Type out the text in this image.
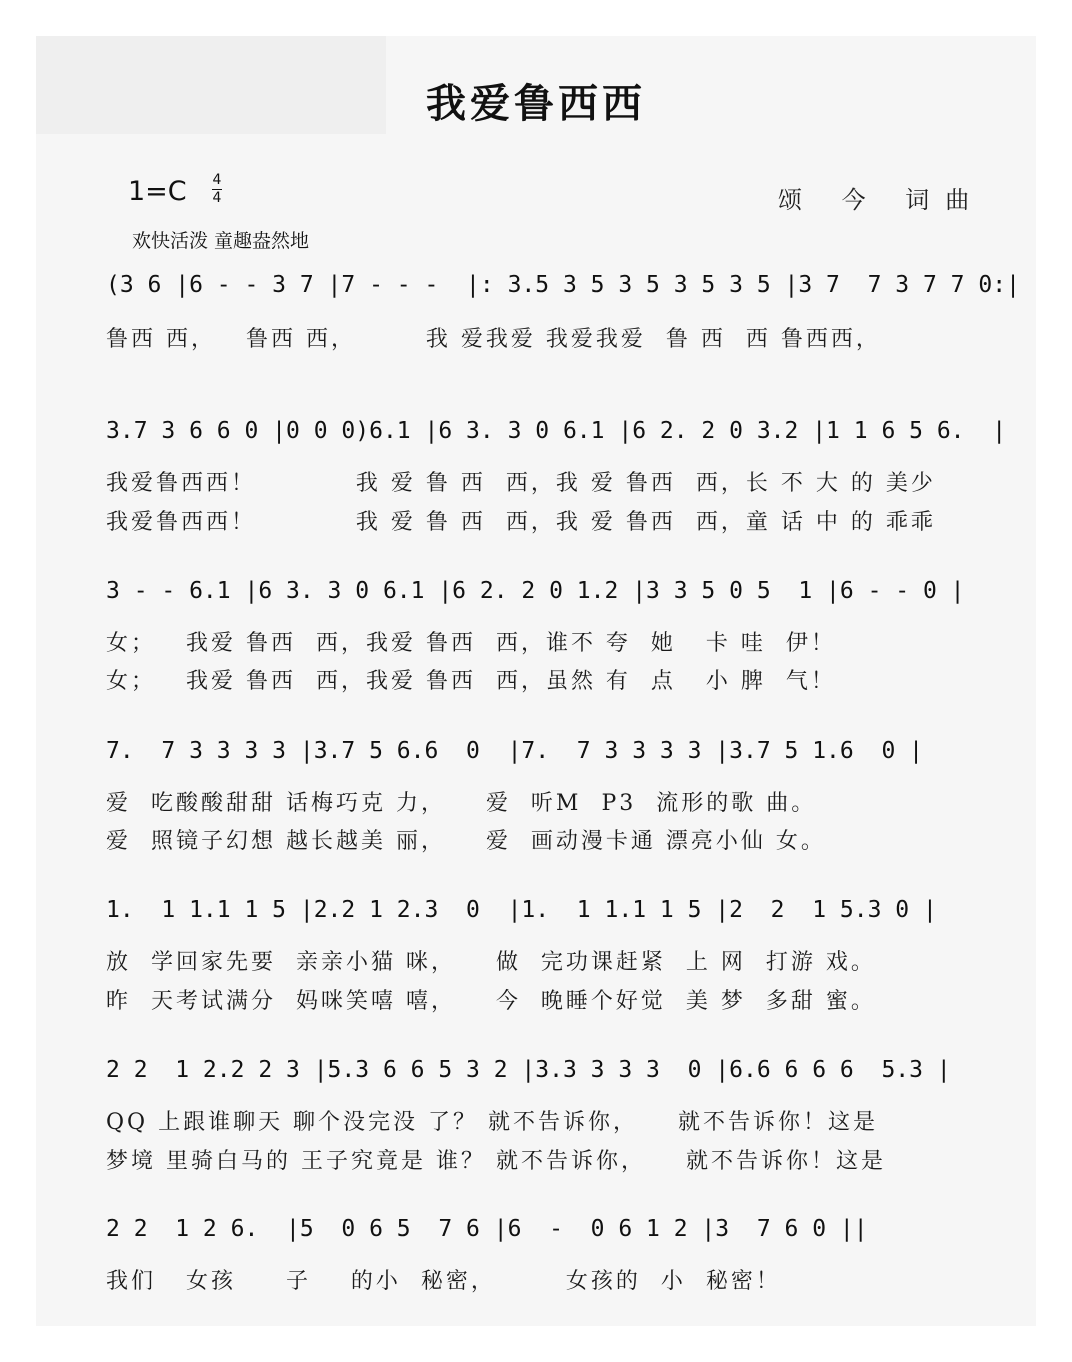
我爱鲁西西
1=C 4
4	颂 今 词曲
欢快活泼 童趣盎然地
(3 6 |6 - - 3 7 |7 - - -  |: 3.5 3 5 3 5 3 5 3 5 |3 7  7 3 7 7 0:|
鲁西 西，   鲁西 西，       我 爱我爱 我爱我爱  鲁 西  西 鲁西西，
3.7 3 6 6 0 |0 0 0)6.1 |6 3. 3 0 6.1 |6 2. 2 0 3.2 |1 1 6 5 6.  |
我爱鲁西西！          我 爱 鲁 西  西，我 爱 鲁西  西，长 不 大 的 美少
我爱鲁西西！          我 爱 鲁 西  西，我 爱 鲁西  西，童 话 中 的 乖乖
3 - - 6.1 |6 3. 3 0 6.1 |6 2. 2 0 1.2 |3 3 5 0 5  1 |6 - - 0 |
女；   我爱 鲁西  西，我爱 鲁西  西，谁不 夸  她   卡 哇  伊！
女；   我爱 鲁西  西，我爱 鲁西  西，虽然 有  点   小 脾  气！
7.  7 3 3 3 3 |3.7 5 6.6  0  |7.  7 3 3 3 3 |3.7 5 1.6  0 |
爱  吃酸酸甜甜 话梅巧克 力，    爱  听M  P3  流形的歌 曲。
爱  照镜子幻想 越长越美 丽，    爱  画动漫卡通 漂亮小仙 女。
1.  1 1.1 1 5 |2.2 1 2.3  0  |1.  1 1.1 1 5 |2  2  1 5.3 0 |
放  学回家先要  亲亲小猫 咪，    做  完功课赶紧  上 网  打游 戏。
昨  天考试满分  妈咪笑嘻 嘻，    今  晚睡个好觉  美 梦  多甜 蜜。
2 2  1 2.2 2 3 |5.3 6 6 5 3 2 |3.3 3 3 3  0 |6.6 6 6 6  5.3 |
QQ 上跟谁聊天 聊个没完没 了？ 就不告诉你，    就不告诉你！这是
梦境 里骑白马的 王子究竟是 谁？ 就不告诉你，    就不告诉你！这是
2 2  1 2 6.  |5  0 6 5  7 6 |6  -  0 6 1 2 |3  7 6 0 ||
我们   女孩     子    的小  秘密，       女孩的  小  秘密！
